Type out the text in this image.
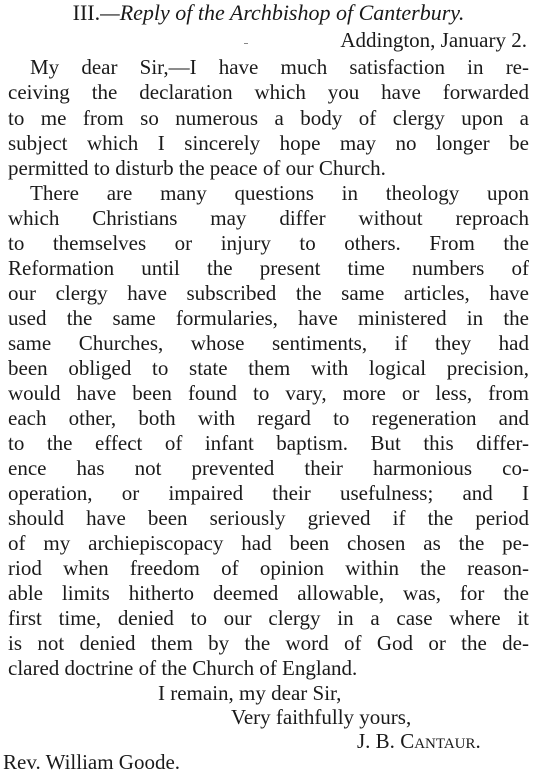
III.—Reply of the Archbishop of Canterbury.
Addington, January 2.
My dear Sir,—I have much satisfaction in re-
ceiving the declaration which you have forwarded
to me from so numerous a body of clergy upon a
subject which I sincerely hope may no longer be
permitted to disturb the peace of our Church.
There are many questions in theology upon
which Christians may differ without reproach
to themselves or injury to others. From the
Reformation until the present time numbers of
our clergy have subscribed the same articles, have
used the same formularies, have ministered in the
same Churches, whose sentiments, if they had
been obliged to state them with logical precision,
would have been found to vary, more or less, from
each other, both with regard to regeneration and
to the effect of infant baptism. But this differ-
ence has not prevented their harmonious co-
operation, or impaired their usefulness; and I
should have been seriously grieved if the period
of my archiepiscopacy had been chosen as the pe-
riod when freedom of opinion within the reason-
able limits hitherto deemed allowable, was, for the
first time, denied to our clergy in a case where it
is not denied them by the word of God or the de-
clared doctrine of the Church of England.
I remain, my dear Sir,
Very faithfully yours,
J. B. Cantaur.
Rev. William Goode.
